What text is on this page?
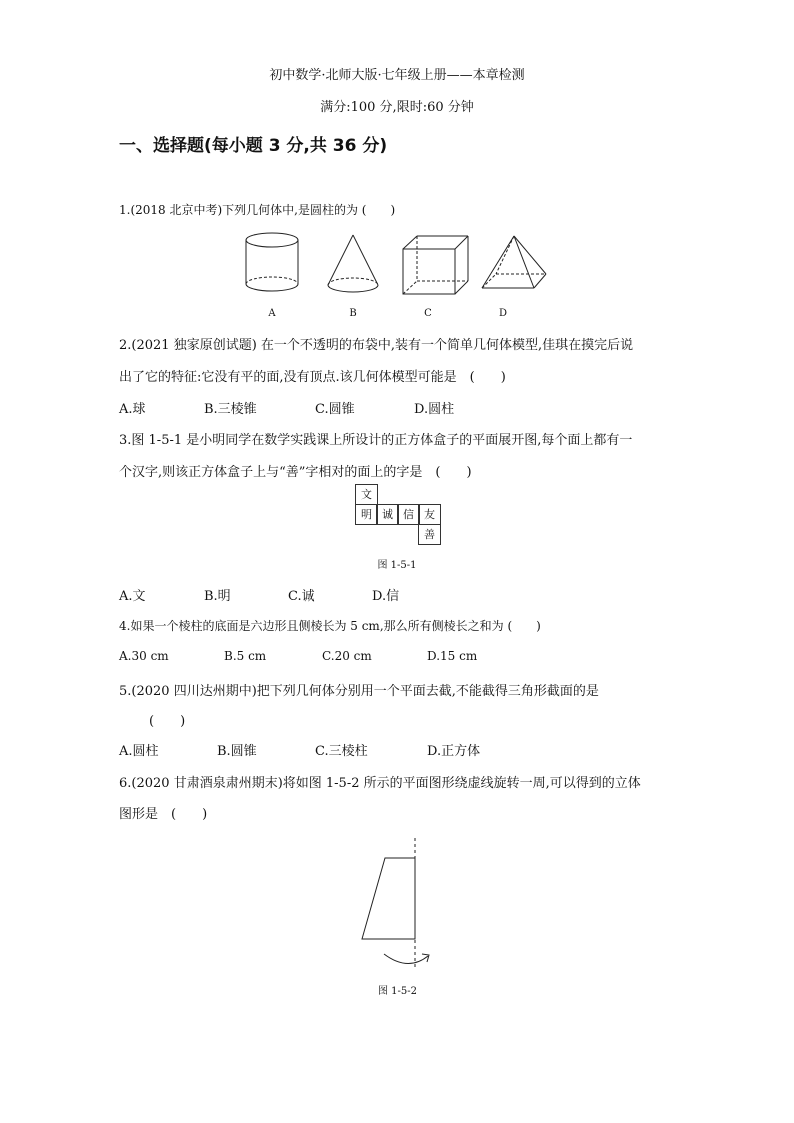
初中数学·北师大版·七年级上册——本章检测
满分:100 分,限时:60 分钟
一、选择题(每小题 3 分,共 36 分)
1.(2018 北京中考)下列几何体中,是圆柱的为 (　　)
A	B	C	D
2.(2021 独家原创试题) 在一个不透明的布袋中,装有一个简单几何体模型,佳琪在摸完后说
出了它的特征:它没有平的面,没有顶点.该几何体模型可能是　(　　)
A.球	B.三棱锥	C.圆锥	D.圆柱
3.图 1-5-1 是小明同学在数学实践课上所设计的正方体盒子的平面展开图,每个面上都有一
个汉字,则该正方体盒子上与“善”字相对的面上的字是　(　　)
文
明 诚 信 友
善
图 1-5-1
A.文	B.明	C.诚	D.信
4.如果一个棱柱的底面是六边形且侧棱长为 5 cm,那么所有侧棱长之和为 (　　)
A.30 cm	B.5 cm	C.20 cm	D.15 cm
5.(2020 四川达州期中)把下列几何体分别用一个平面去截,不能截得三角形截面的是
(　　)
A.圆柱	B.圆锥	C.三棱柱	D.正方体
6.(2020 甘肃酒泉肃州期末)将如图 1-5-2 所示的平面图形绕虚线旋转一周,可以得到的立体
图形是　(　　)
图 1-5-2
